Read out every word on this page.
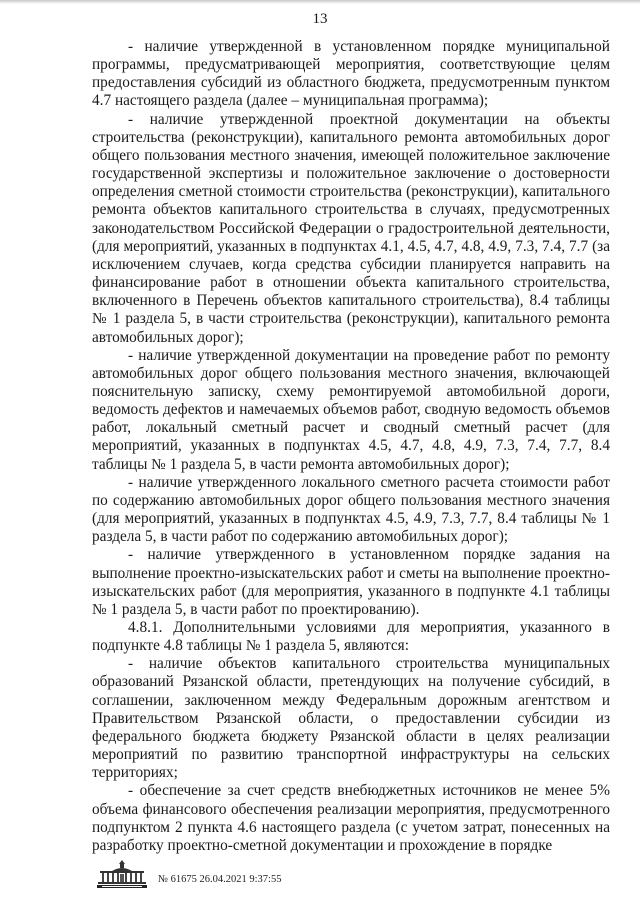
13

- наличие утвержденной в установленном порядке муниципальной программы, предусматривающей мероприятия, соответствующие целям предоставления субсидий из областного бюджета, предусмотренным пунктом 4.7 настоящего раздела (далее – муниципальная программа);

- наличие утвержденной проектной документации на объекты строительства (реконструкции), капитального ремонта автомобильных дорог общего пользования местного значения, имеющей положительное заключение государственной экспертизы и положительное заключение о достоверности определения сметной стоимости строительства (реконструкции), капитального ремонта объектов капитального строительства в случаях, предусмотренных законодательством Российской Федерации о градостроительной деятельности, (для мероприятий, указанных в подпунктах 4.1, 4.5, 4.7, 4.8, 4.9, 7.3, 7.4, 7.7 (за исключением случаев, когда средства субсидии планируется направить на финансирование работ в отношении объекта капитального строительства, включенного в Перечень объектов капитального строительства), 8.4 таблицы № 1 раздела 5, в части строительства (реконструкции), капитального ремонта автомобильных дорог);

- наличие утвержденной документации на проведение работ по ремонту автомобильных дорог общего пользования местного значения, включающей пояснительную записку, схему ремонтируемой автомобильной дороги, ведомость дефектов и намечаемых объемов работ, сводную ведомость объемов работ, локальный сметный расчет и сводный сметный расчет (для мероприятий, указанных в подпунктах 4.5, 4.7, 4.8, 4.9, 7.3, 7.4, 7.7, 8.4 таблицы № 1 раздела 5, в части ремонта автомобильных дорог);

- наличие утвержденного локального сметного расчета стоимости работ по содержанию автомобильных дорог общего пользования местного значения (для мероприятий, указанных в подпунктах 4.5, 4.9, 7.3, 7.7, 8.4 таблицы № 1 раздела 5, в части работ по содержанию автомобильных дорог);

- наличие утвержденного в установленном порядке задания на выполнение проектно-изыскательских работ и сметы на выполнение проектно-изыскательских работ (для мероприятия, указанного в подпункте 4.1 таблицы № 1 раздела 5, в части работ по проектированию).

4.8.1. Дополнительными условиями для мероприятия, указанного в подпункте 4.8 таблицы № 1 раздела 5, являются:

- наличие объектов капитального строительства муниципальных образований Рязанской области, претендующих на получение субсидий, в соглашении, заключенном между Федеральным дорожным агентством и Правительством Рязанской области, о предоставлении субсидии из федерального бюджета бюджету Рязанской области в целях реализации мероприятий по развитию транспортной инфраструктуры на сельских территориях;

- обеспечение за счет средств внебюджетных источников не менее 5% объема финансового обеспечения реализации мероприятия, предусмотренного подпунктом 2 пункта 4.6 настоящего раздела (с учетом затрат, понесенных на разработку проектно-сметной документации и прохождение в порядке

№ 61675 26.04.2021 9:37:55
